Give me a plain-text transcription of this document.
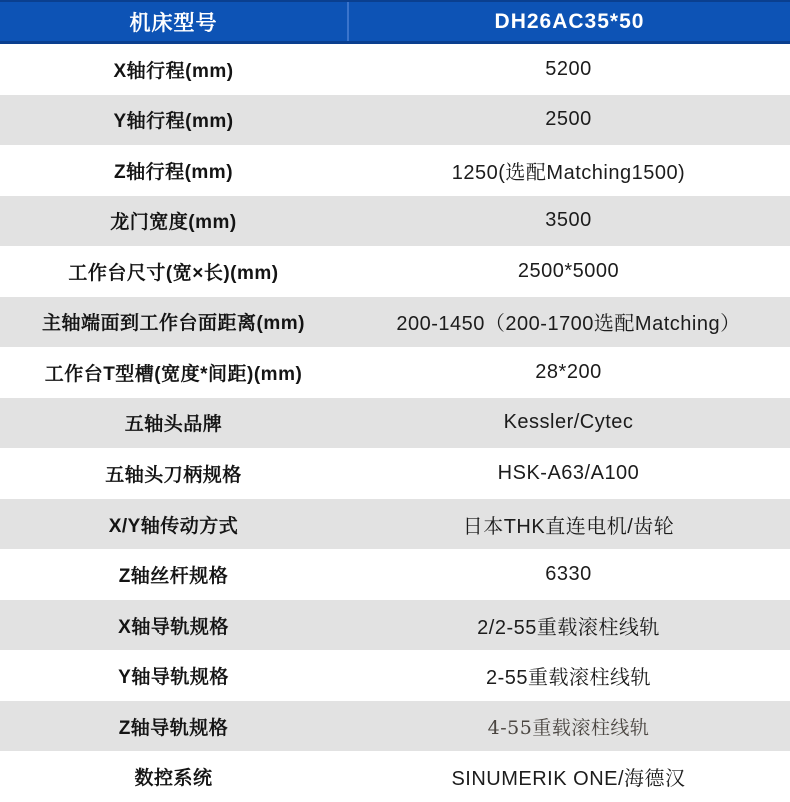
机床型号	DH26AC35*50
X轴行程(mm)	5200
Y轴行程(mm)	2500
Z轴行程(mm)	1250(选配Matching1500)
龙门宽度(mm)	3500
工作台尺寸(宽×长)(mm)	2500*5000
主轴端面到工作台面距离(mm)	200-1450（200-1700选配Matching）
工作台T型槽(宽度*间距)(mm)	28*200
五轴头品牌	Kessler/Cytec
五轴头刀柄规格	HSK-A63/A100
X/Y轴传动方式	日本THK直连电机/齿轮
Z轴丝杆规格	6330
X轴导轨规格	2/2-55重载滚柱线轨
Y轴导轨规格	2-55重载滚柱线轨
Z轴导轨规格	4-55重载滚柱线轨
数控系统	SINUMERIK ONE/海德汉
